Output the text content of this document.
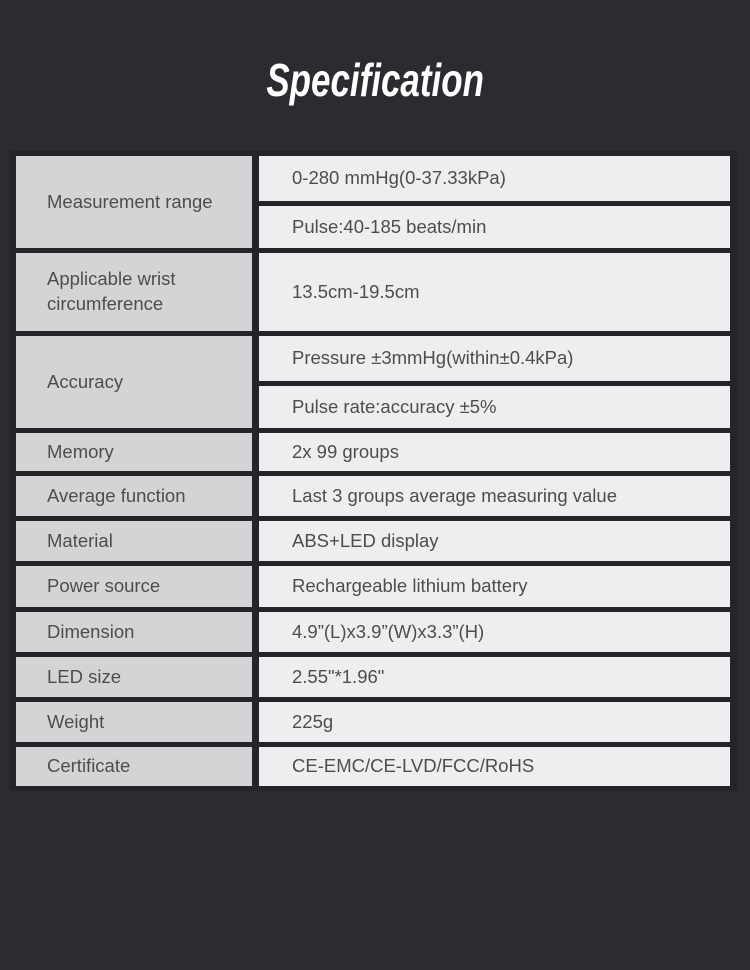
Specification
Measurement range	0-280 mmHg(0-37.33kPa)
	Pulse:40-185 beats/min
Applicable wrist circumference	13.5cm-19.5cm
Accuracy	Pressure ±3mmHg(within±0.4kPa)
	Pulse rate:accuracy ±5%
Memory	2x 99 groups
Average function	Last 3 groups average measuring value
Material	ABS+LED display
Power source	Rechargeable lithium battery
Dimension	4.9”(L)x3.9”(W)x3.3”(H)
LED size	2.55"*1.96"
Weight	225g
Certificate	CE-EMC/CE-LVD/FCC/RoHS
